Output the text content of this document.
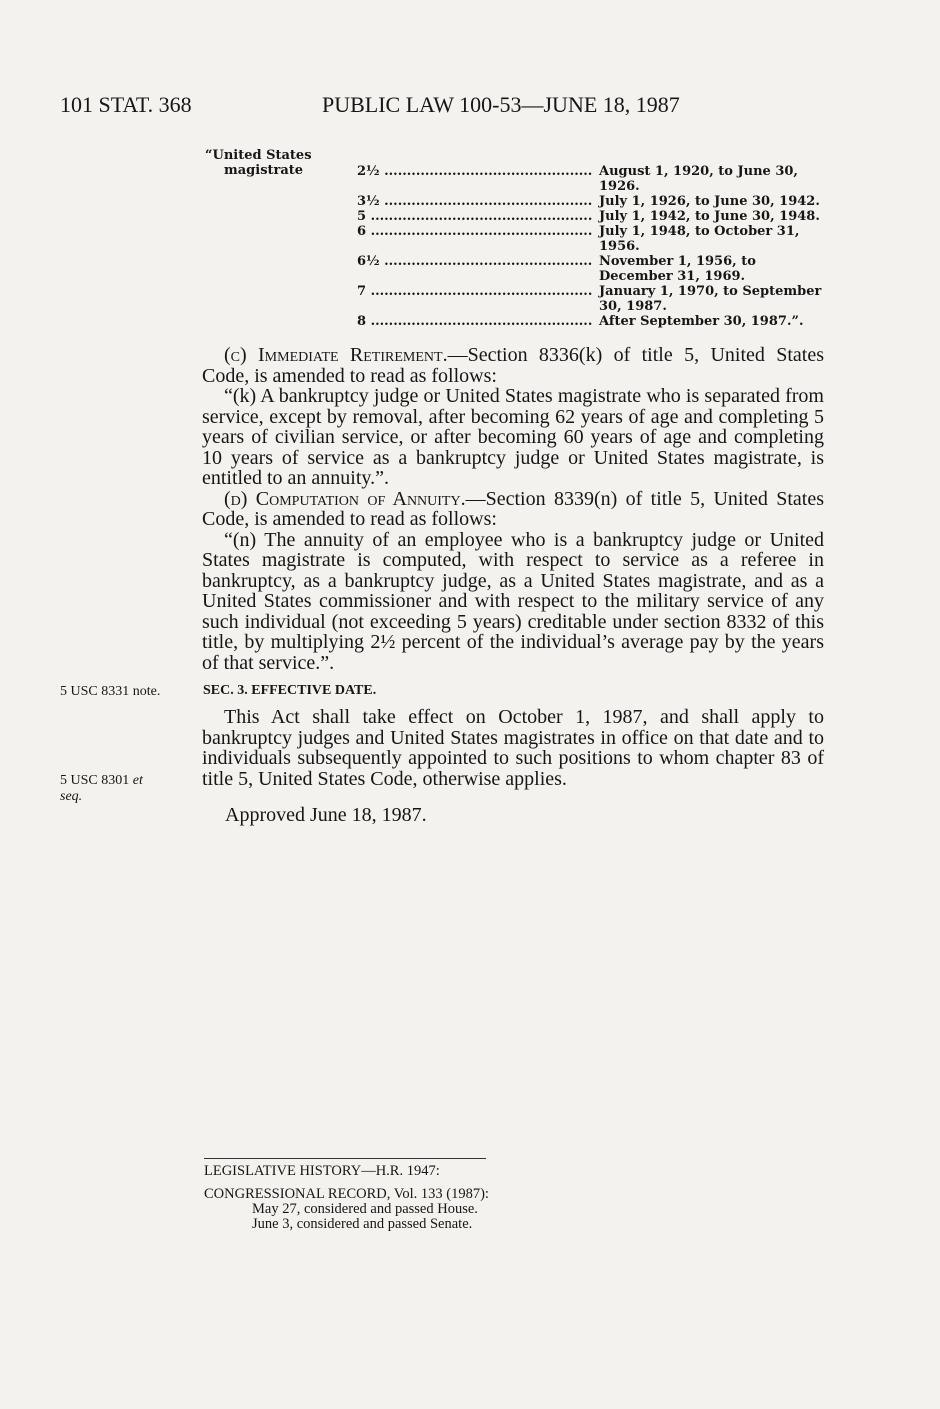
101 STAT. 368	PUBLIC LAW 100-53—JUNE 18, 1987
“United States
magistrate	2½ .....	August 1, 1920, to June 30, 1926.
3½ .....	July 1, 1926, to June 30, 1942.
5 .....	July 1, 1942, to June 30, 1948.
6 .....	July 1, 1948, to October 31, 1956.
6½ .....	November 1, 1956, to December 31, 1969.
7 .....	January 1, 1970, to September 30, 1987.
8 .....	After September 30, 1987.”.

(c) Immediate Retirement.—Section 8336(k) of title 5, United States Code, is amended to read as follows:

“(k) A bankruptcy judge or United States magistrate who is separated from service, except by removal, after becoming 62 years of age and completing 5 years of civilian service, or after becoming 60 years of age and completing 10 years of service as a bankruptcy judge or United States magistrate, is entitled to an annuity.”.

(d) Computation of Annuity.—Section 8339(n) of title 5, United States Code, is amended to read as follows:

“(n) The annuity of an employee who is a bankruptcy judge or United States magistrate is computed, with respect to service as a referee in bankruptcy, as a bankruptcy judge, as a United States magistrate, and as a United States commissioner and with respect to the military service of any such individual (not exceeding 5 years) creditable under section 8332 of this title, by multiplying 2½ percent of the individual’s average pay by the years of that service.”.

5 USC 8331 note.	SEC. 3. EFFECTIVE DATE.

This Act shall take effect on October 1, 1987, and shall apply to bankruptcy judges and United States magistrates in office on that date and to individuals subsequently appointed to such positions to whom chapter 83 of title 5, United States Code, otherwise applies.

5 USC 8301 et
seq.
Approved June 18, 1987.
LEGISLATIVE HISTORY—H.R. 1947:
CONGRESSIONAL RECORD, Vol. 133 (1987):
May 27, considered and passed House.
June 3, considered and passed Senate.
